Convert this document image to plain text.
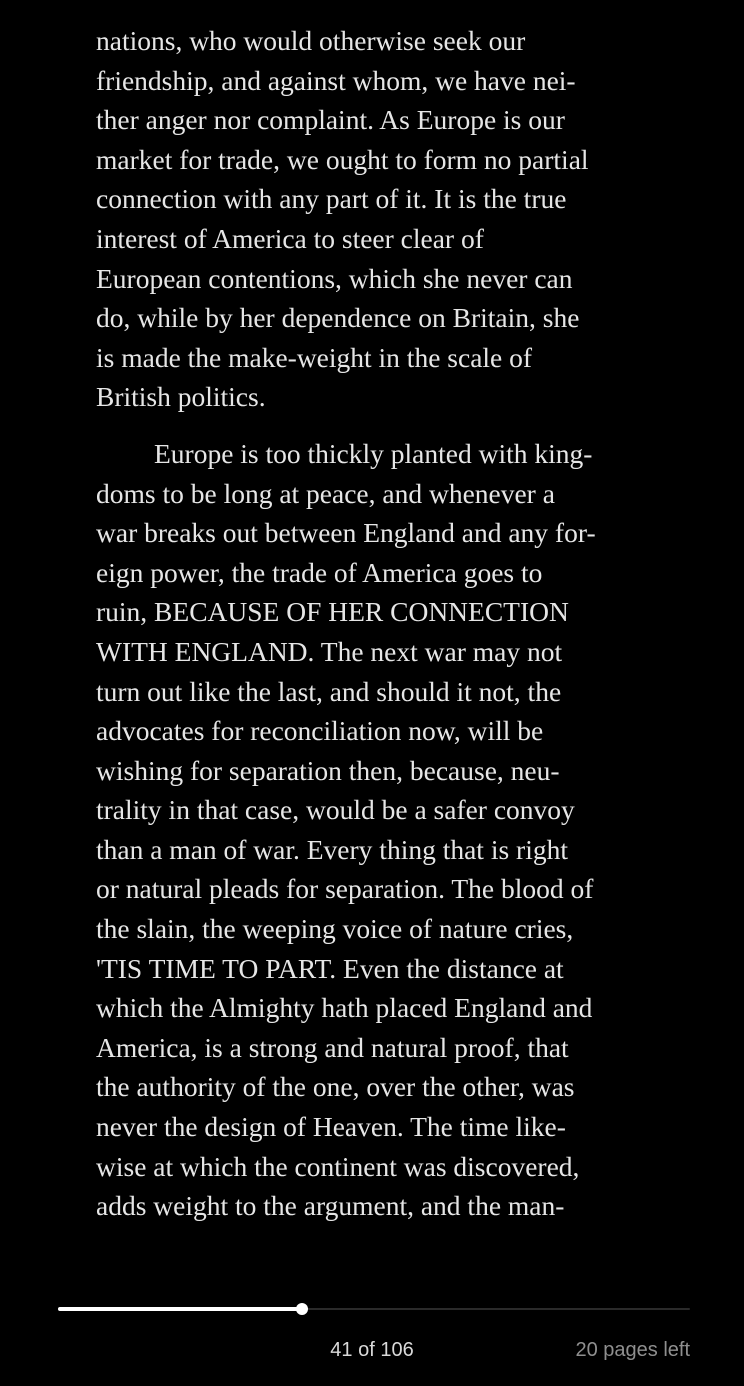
nations, who would otherwise seek our
friendship, and against whom, we have nei-
ther anger nor complaint. As Europe is our
market for trade, we ought to form no partial
connection with any part of it. It is the true
interest of America to steer clear of
European contentions, which she never can
do, while by her dependence on Britain, she
is made the make-weight in the scale of
British politics.

Europe is too thickly planted with king-
doms to be long at peace, and whenever a
war breaks out between England and any for-
eign power, the trade of America goes to
ruin, BECAUSE OF HER CONNECTION
WITH ENGLAND. The next war may not
turn out like the last, and should it not, the
advocates for reconciliation now, will be
wishing for separation then, because, neu-
trality in that case, would be a safer convoy
than a man of war. Every thing that is right
or natural pleads for separation. The blood of
the slain, the weeping voice of nature cries,
'TIS TIME TO PART. Even the distance at
which the Almighty hath placed England and
America, is a strong and natural proof, that
the authority of the one, over the other, was
never the design of Heaven. The time like-
wise at which the continent was discovered,
adds weight to the argument, and the man-

41 of 106	20 pages left
